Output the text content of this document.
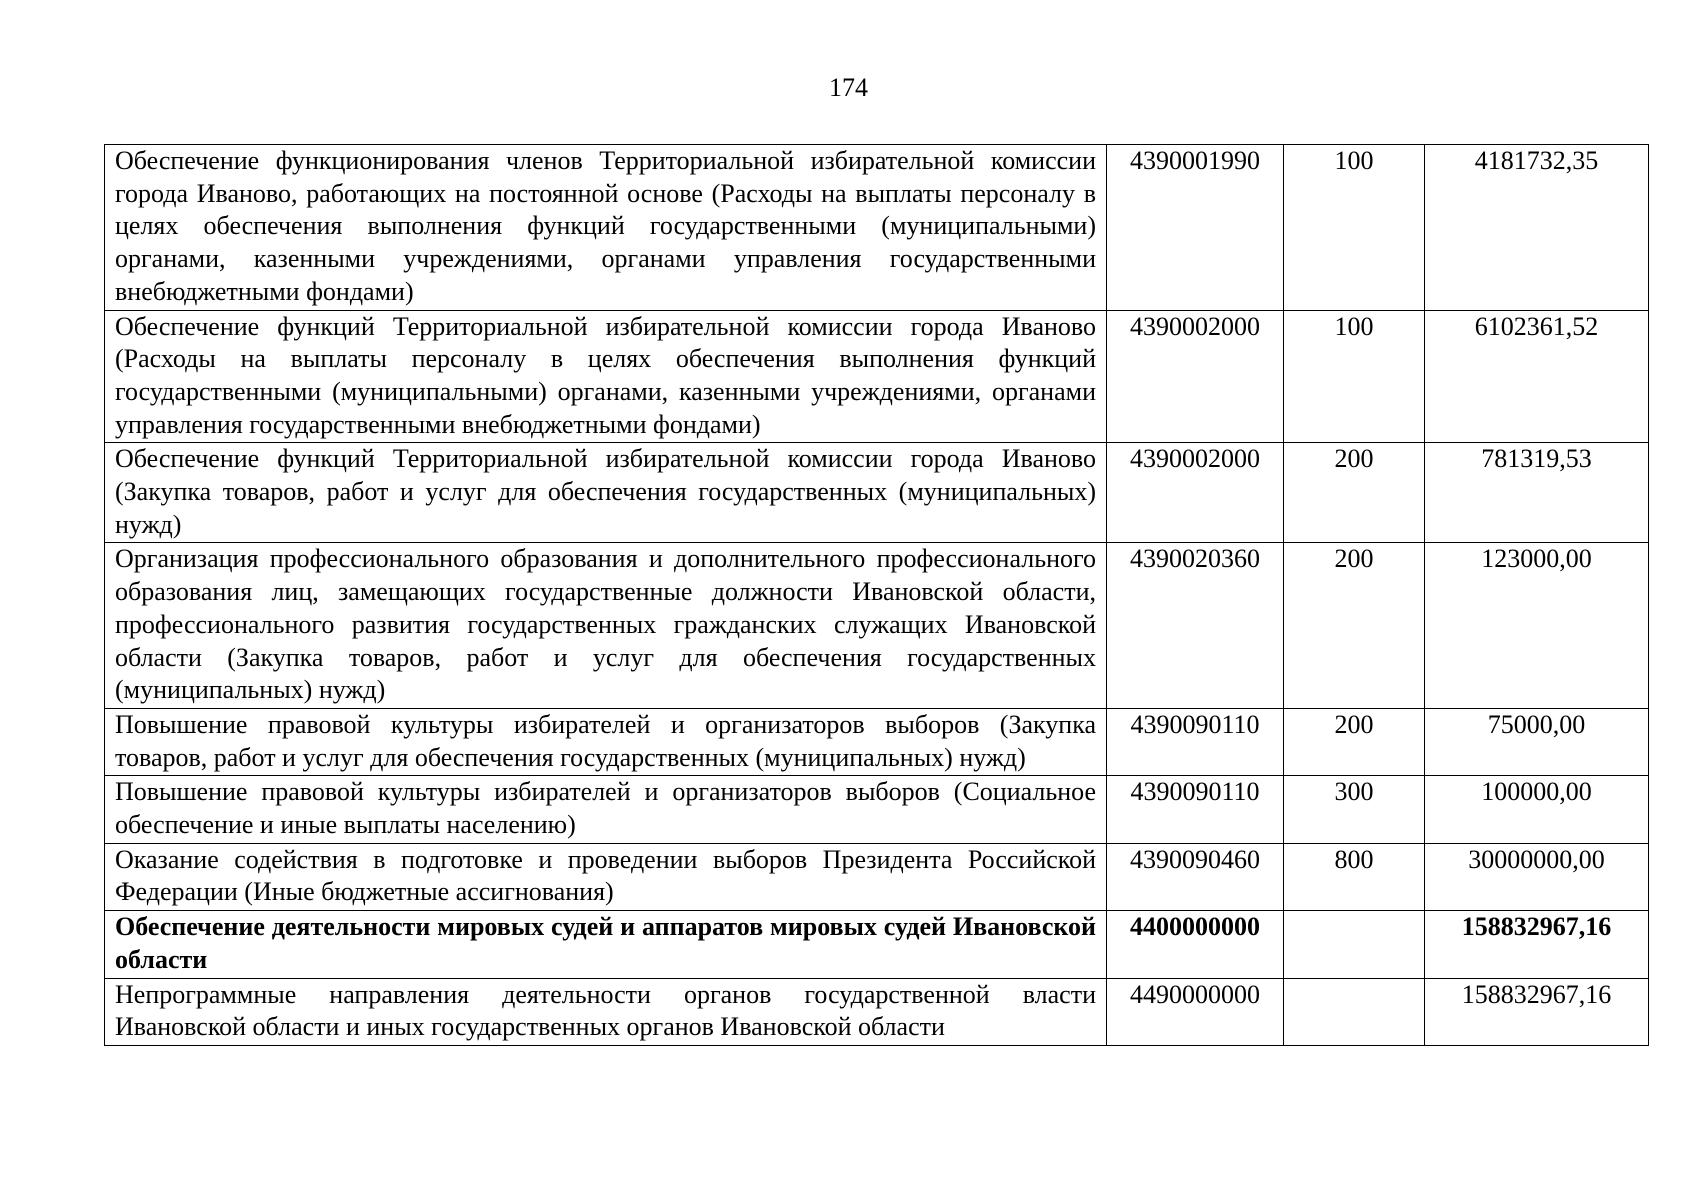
174
Обеспечение функционирования членов Территориальной избирательной комиссии города Иваново, работающих на постоянной основе (Расходы на выплаты персоналу в целях обеспечения выполнения функций государственными (муниципальными) органами, казенными учреждениями, органами управления государственными внебюджетными фондами)	4390001990	100	4181732,35
Обеспечение функций Территориальной избирательной комиссии города Иваново (Расходы на выплаты персоналу в целях обеспечения выполнения функций государственными (муниципальными) органами, казенными учреждениями, органами управления государственными внебюджетными фондами)	4390002000	100	6102361,52
Обеспечение функций Территориальной избирательной комиссии города Иваново (Закупка товаров, работ и услуг для обеспечения государственных (муниципальных) нужд)	4390002000	200	781319,53
Организация профессионального образования и дополнительного профессионального образования лиц, замещающих государственные должности Ивановской области, профессионального развития государственных гражданских служащих Ивановской области (Закупка товаров, работ и услуг для обеспечения государственных (муниципальных) нужд)	4390020360	200	123000,00
Повышение правовой культуры избирателей и организаторов выборов (Закупка товаров, работ и услуг для обеспечения государственных (муниципальных) нужд)	4390090110	200	75000,00
Повышение правовой культуры избирателей и организаторов выборов (Социальное обеспечение и иные выплаты населению)	4390090110	300	100000,00
Оказание содействия в подготовке и проведении выборов Президента Российской Федерации (Иные бюджетные ассигнования)	4390090460	800	30000000,00
Обеспечение деятельности мировых судей и аппаратов мировых судей Ивановской области	4400000000		158832967,16
Непрограммные направления деятельности органов государственной власти Ивановской области и иных государственных органов Ивановской области	4490000000		158832967,16
